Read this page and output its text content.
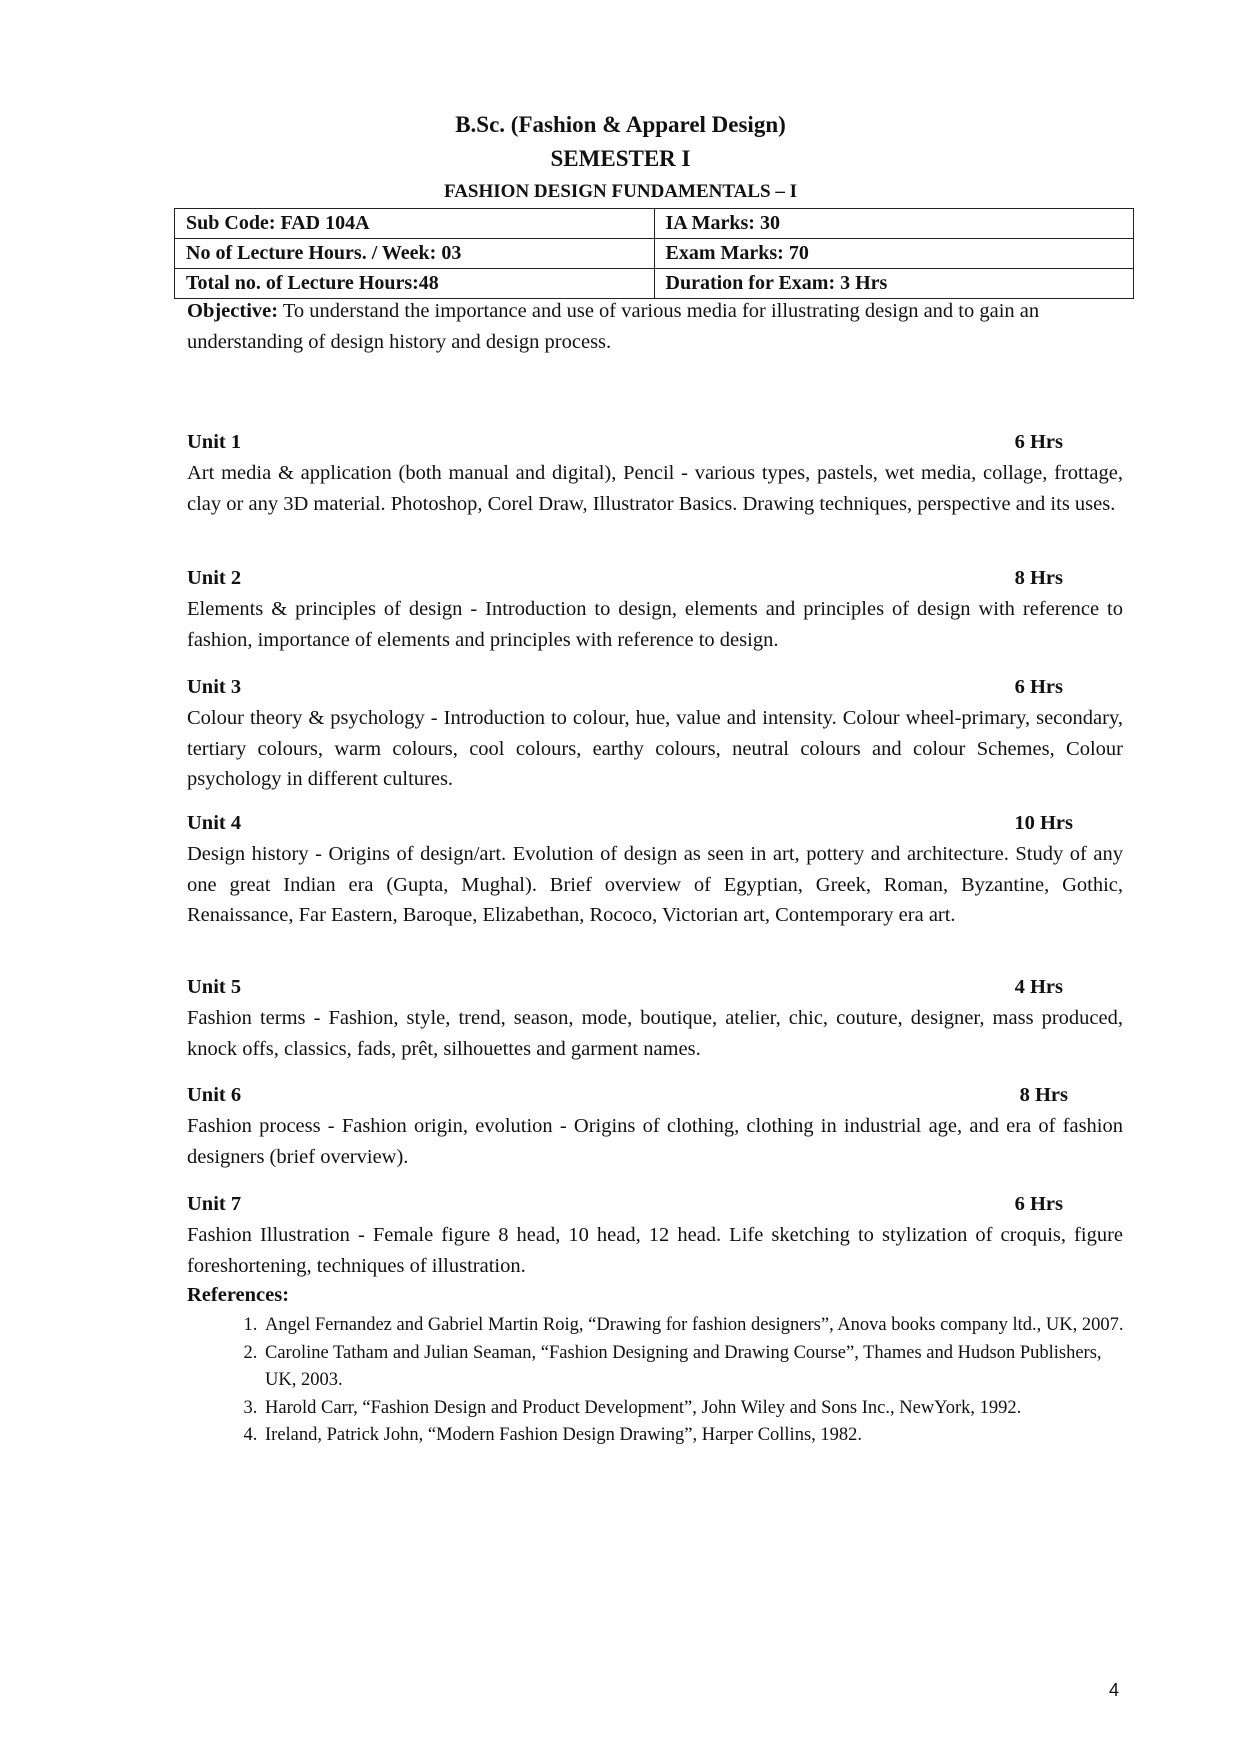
B.Sc. (Fashion & Apparel Design)
SEMESTER I
FASHION DESIGN FUNDAMENTALS – I
Sub Code: FAD 104A	IA Marks: 30
No of Lecture Hours. / Week: 03	Exam Marks: 70
Total no. of Lecture Hours:48	Duration for Exam: 3 Hrs
Objective: To understand the importance and use of various media for illustrating design and to gain an understanding of design history and design process.
Unit 1	6 Hrs
Art media & application (both manual and digital), Pencil - various types, pastels, wet media, collage, frottage, clay or any 3D material. Photoshop, Corel Draw, Illustrator Basics. Drawing techniques, perspective and its uses.
Unit 2	8 Hrs
Elements & principles of design - Introduction to design, elements and principles of design with reference to fashion, importance of elements and principles with reference to design.
Unit 3	6 Hrs
Colour theory & psychology - Introduction to colour, hue, value and intensity. Colour wheel-primary, secondary, tertiary colours, warm colours, cool colours, earthy colours, neutral colours and colour Schemes, Colour psychology in different cultures.
Unit 4	10 Hrs
Design history - Origins of design/art. Evolution of design as seen in art, pottery and architecture. Study of any one great Indian era (Gupta, Mughal). Brief overview of Egyptian, Greek, Roman, Byzantine, Gothic, Renaissance, Far Eastern, Baroque, Elizabethan, Rococo, Victorian art, Contemporary era art.
Unit 5	4 Hrs
Fashion terms - Fashion, style, trend, season, mode, boutique, atelier, chic, couture, designer, mass produced, knock offs, classics, fads, prêt, silhouettes and garment names.
Unit 6	8 Hrs
Fashion process - Fashion origin, evolution - Origins of clothing, clothing in industrial age, and era of fashion designers (brief overview).
Unit 7	6 Hrs
Fashion Illustration - Female figure 8 head, 10 head, 12 head. Life sketching to stylization of croquis, figure foreshortening, techniques of illustration.
4
References:
1. Angel Fernandez and Gabriel Martin Roig, “Drawing for fashion designers”, Anova books company ltd., UK, 2007.
2. Caroline Tatham and Julian Seaman, “Fashion Designing and Drawing Course”, Thames and Hudson Publishers, UK, 2003.
3. Harold Carr, “Fashion Design and Product Development”, John Wiley and Sons Inc., NewYork, 1992.
4. Ireland, Patrick John, “Modern Fashion Design Drawing”, Harper Collins, 1982.
